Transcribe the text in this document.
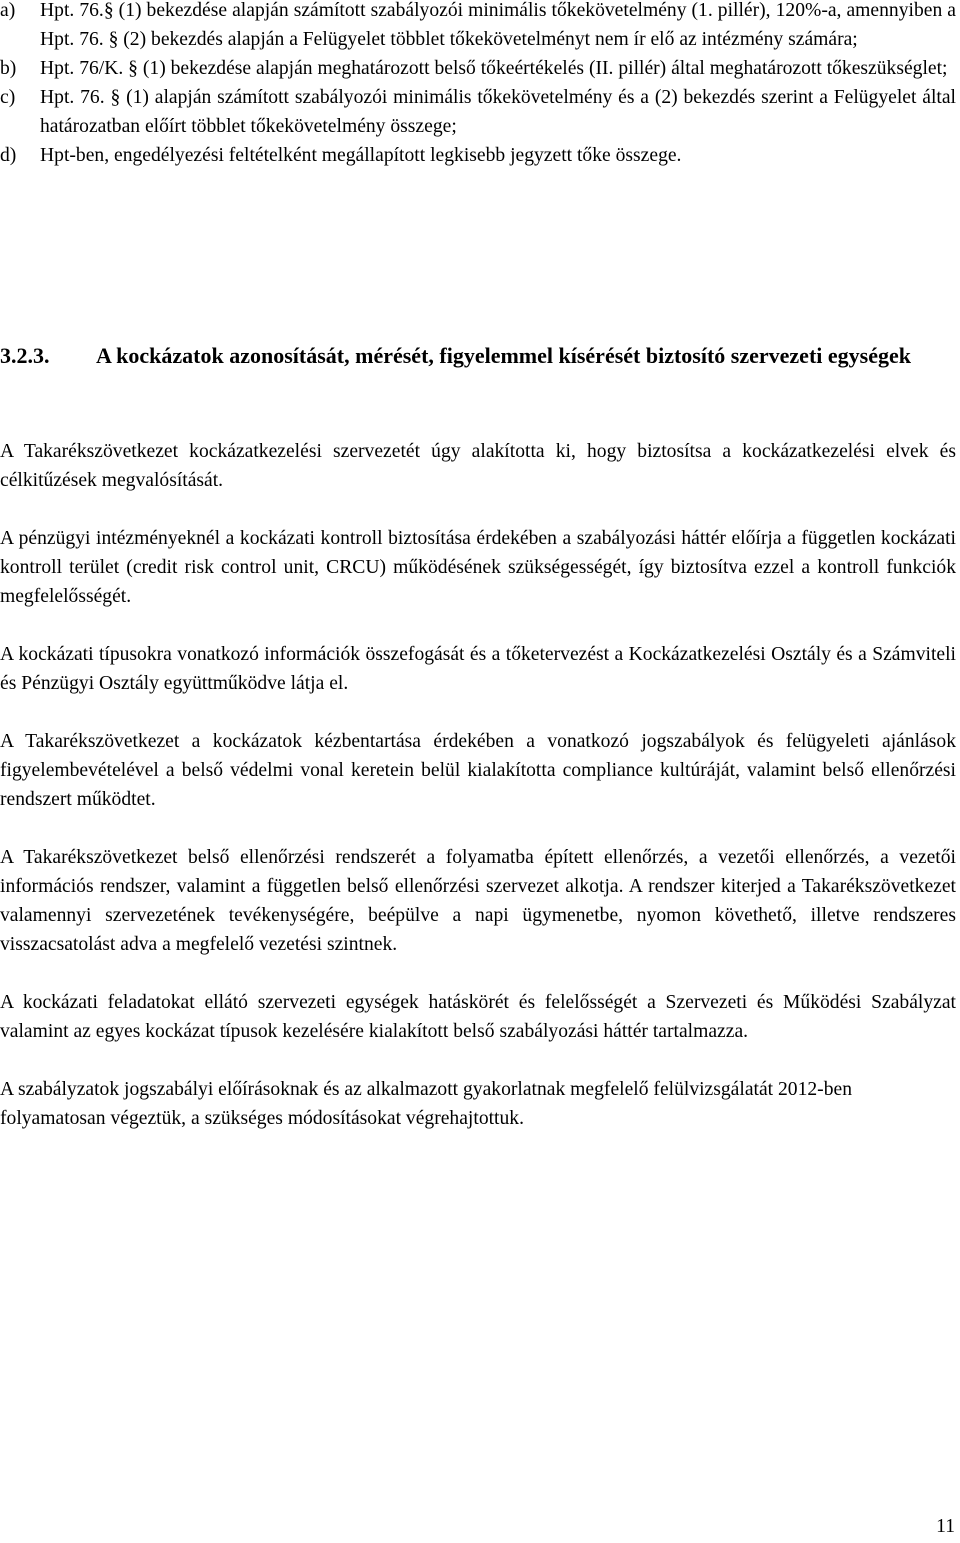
a)	Hpt. 76.§ (1) bekezdése alapján számított szabályozói minimális tőkekövetelmény (1. pillér), 120%-a, amennyiben a Hpt. 76. § (2) bekezdés alapján a Felügyelet többlet tőkekövetelményt nem ír elő az intézmény számára;
b)	Hpt. 76/K. § (1) bekezdése alapján meghatározott belső tőkeértékelés (II. pillér) által meghatározott tőkeszükséglet;
c)	Hpt. 76. § (1) alapján számított szabályozói minimális tőkekövetelmény és a (2) bekezdés szerint a Felügyelet által határozatban előírt többlet tőkekövetelmény összege;
d)	Hpt-ben, engedélyezési feltételként megállapított legkisebb jegyzett tőke összege.
3.2.3.	A kockázatok azonosítását, mérését, figyelemmel kísérését biztosító szervezeti egységek

A Takarékszövetkezet kockázatkezelési szervezetét úgy alakította ki, hogy biztosítsa a kockázatkezelési elvek és célkitűzések megvalósítását.

A pénzügyi intézményeknél a kockázati kontroll biztosítása érdekében a szabályozási háttér előírja a független kockázati kontroll terület (credit risk control unit, CRCU) működésének szükségességét, így biztosítva ezzel a kontroll funkciók megfelelősségét.

A kockázati típusokra vonatkozó információk összefogását és a tőketervezést a Kockázatkezelési Osztály és a Számviteli és Pénzügyi Osztály együttműködve látja el.

A Takarékszövetkezet a kockázatok kézbentartása érdekében a vonatkozó jogszabályok és felügyeleti ajánlások figyelembevételével a belső védelmi vonal keretein belül kialakította compliance kultúráját, valamint belső ellenőrzési rendszert működtet.

A Takarékszövetkezet belső ellenőrzési rendszerét a folyamatba épített ellenőrzés, a vezetői ellenőrzés, a vezetői információs rendszer, valamint a független belső ellenőrzési szervezet alkotja. A rendszer kiterjed a Takarékszövetkezet valamennyi szervezetének tevékenységére, beépülve a napi ügymenetbe, nyomon követhető, illetve rendszeres visszacsatolást adva a megfelelő vezetési szintnek.

A kockázati feladatokat ellátó szervezeti egységek hatáskörét és felelősségét a Szervezeti és Működési Szabályzat valamint az egyes kockázat típusok kezelésére kialakított belső szabályozási háttér tartalmazza.

A szabályzatok jogszabályi előírásoknak és az alkalmazott gyakorlatnak megfelelő felülvizsgálatát 2012-ben folyamatosan végeztük, a szükséges módosításokat végrehajtottuk.

11
